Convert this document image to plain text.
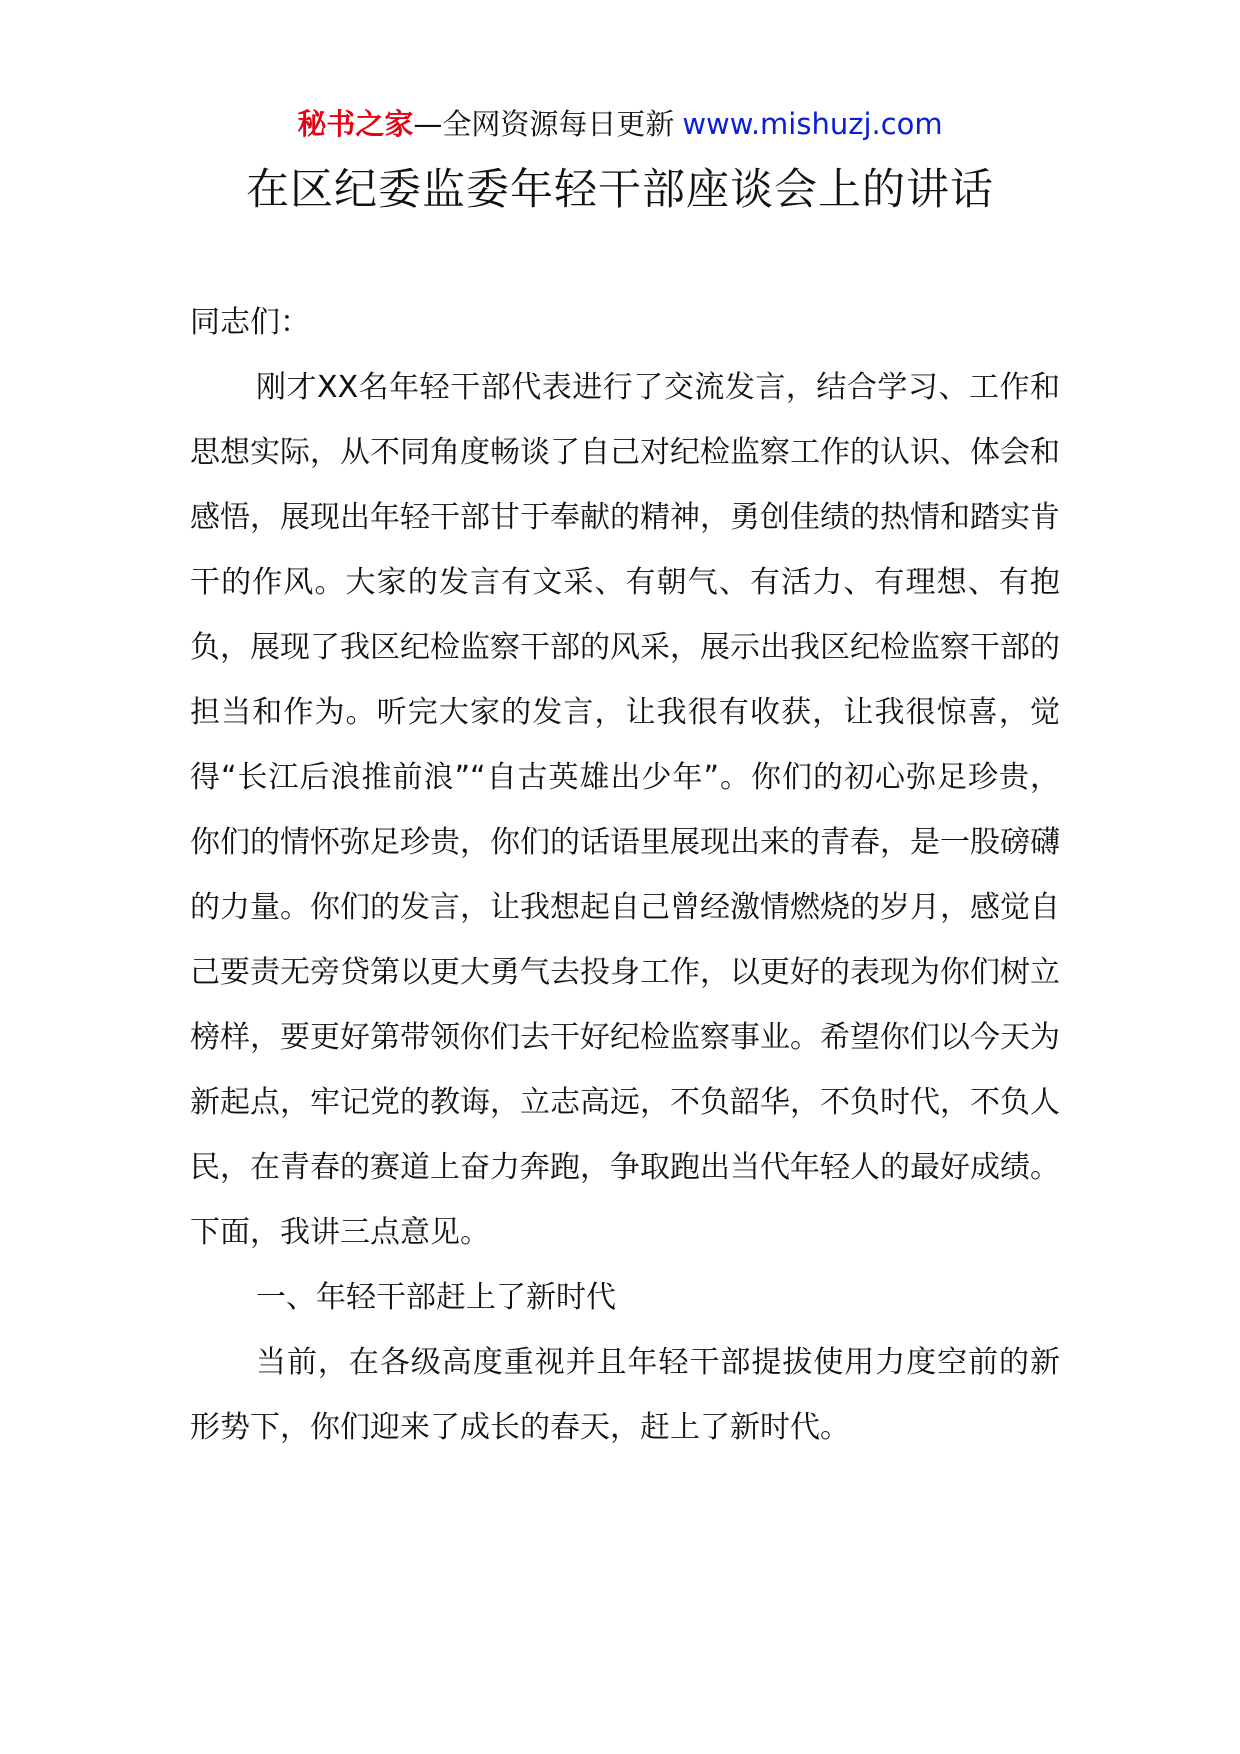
秘书之家—全网资源每日更新 www.mishuzj.com
在区纪委监委年轻干部座谈会上的讲话

同志们：

刚才XX名年轻干部代表进行了交流发言，结合学习、工作和思想实际，从不同角度畅谈了自己对纪检监察工作的认识、体会和感悟，展现出年轻干部甘于奉献的精神，勇创佳绩的热情和踏实肯干的作风。大家的发言有文采、有朝气、有活力、有理想、有抱负，展现了我区纪检监察干部的风采，展示出我区纪检监察干部的担当和作为。听完大家的发言，让我很有收获，让我很惊喜，觉得“长江后浪推前浪”“自古英雄出少年”。你们的初心弥足珍贵，你们的情怀弥足珍贵，你们的话语里展现出来的青春，是一股磅礴的力量。你们的发言，让我想起自己曾经激情燃烧的岁月，感觉自己要责无旁贷第以更大勇气去投身工作，以更好的表现为你们树立榜样，要更好第带领你们去干好纪检监察事业。希望你们以今天为新起点，牢记党的教诲，立志高远，不负韶华，不负时代，不负人民，在青春的赛道上奋力奔跑，争取跑出当代年轻人的最好成绩。下面，我讲三点意见。

一、年轻干部赶上了新时代

当前，在各级高度重视并且年轻干部提拔使用力度空前的新形势下，你们迎来了成长的春天，赶上了新时代。
